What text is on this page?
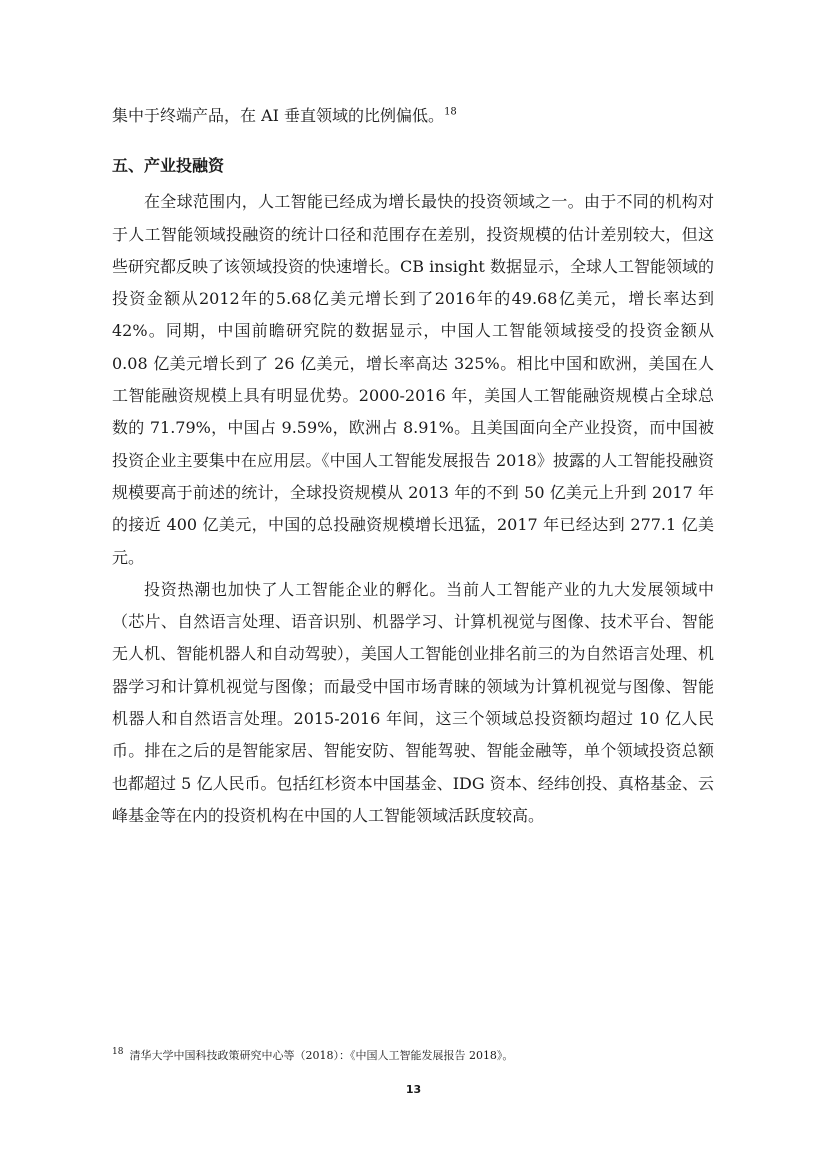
集中于终端产品，在 AI 垂直领域的比例偏低。$^{18}$

五、产业投融资

在全球范围内，人工智能已经成为增长最快的投资领域之一。由于不同的机构对于人工智能领域投融资的统计口径和范围存在差别，投资规模的估计差别较大，但这些研究都反映了该领域投资的快速增长。CB insight 数据显示，全球人工智能领域的投资金额从2012年的5.68亿美元增长到了2016年的49.68亿美元，增长率达到 42%。同期，中国前瞻研究院的数据显示，中国人工智能领域接受的投资金额从 0.08 亿美元增长到了 26 亿美元，增长率高达 325%。相比中国和欧洲，美国在人工智能融资规模上具有明显优势。2000-2016 年，美国人工智能融资规模占全球总数的 71.79%，中国占 9.59%，欧洲占 8.91%。且美国面向全产业投资，而中国被投资企业主要集中在应用层。《中国人工智能发展报告 2018》披露的人工智能投融资规模要高于前述的统计，全球投资规模从 2013 年的不到 50 亿美元上升到 2017 年的接近 400 亿美元，中国的总投融资规模增长迅猛，2017 年已经达到 277.1 亿美元。

投资热潮也加快了人工智能企业的孵化。当前人工智能产业的九大发展领域中（芯片、自然语言处理、语音识别、机器学习、计算机视觉与图像、技术平台、智能无人机、智能机器人和自动驾驶），美国人工智能创业排名前三的为自然语言处理、机器学习和计算机视觉与图像；而最受中国市场青睐的领域为计算机视觉与图像、智能机器人和自然语言处理。2015-2016 年间，这三个领域总投资额均超过 10 亿人民币。排在之后的是智能家居、智能安防、智能驾驶、智能金融等，单个领域投资总额也都超过 5 亿人民币。包括红杉资本中国基金、IDG 资本、经纬创投、真格基金、云峰基金等在内的投资机构在中国的人工智能领域活跃度较高。

$^{18}$ 清华大学中国科技政策研究中心等（2018）：《中国人工智能发展报告 2018》。
13
